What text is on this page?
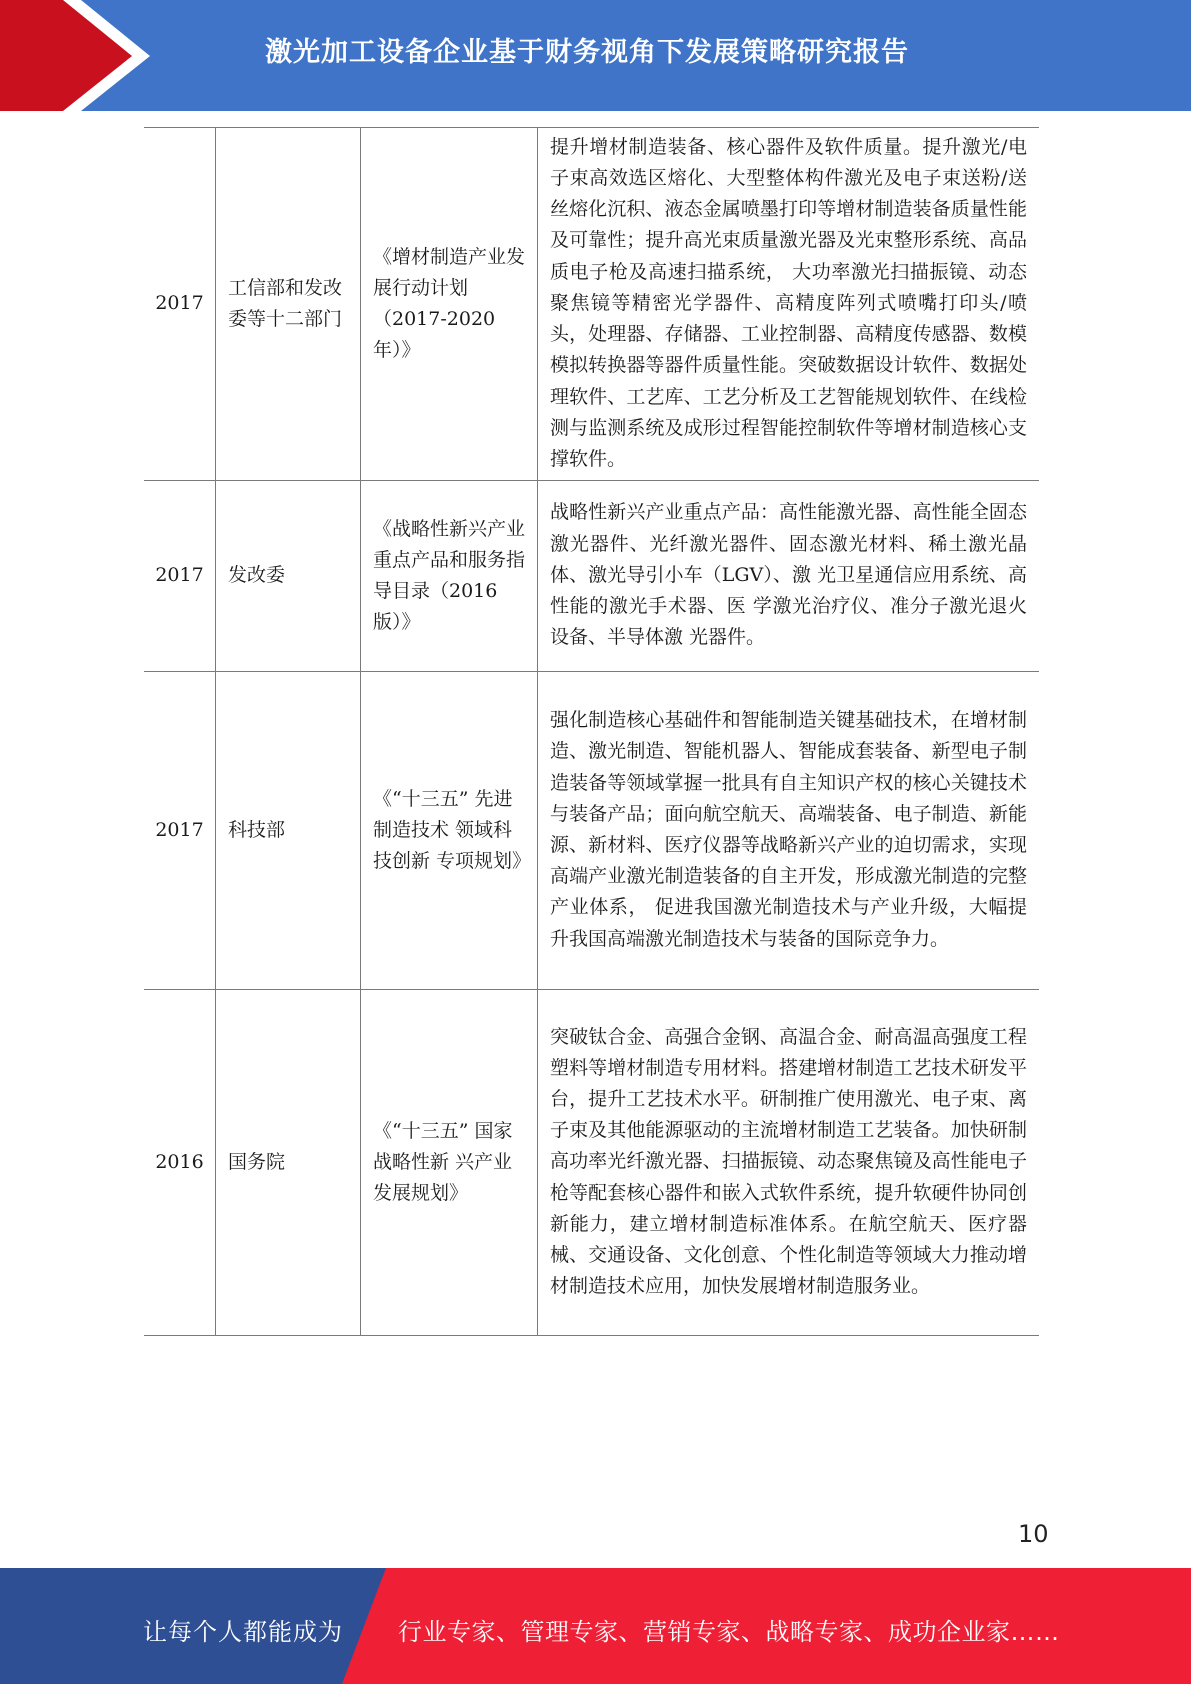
激光加工设备企业基于财务视角下发展策略研究报告
2017	工信部和发改委等十二部门	《增材制造产业发展行动计划（2017-2020 年）》	提升增材制造装备、核心器件及软件质量。提升激光/电子束高效选区熔化、大型整体构件激光及电子束送粉/送丝熔化沉积、液态金属喷墨打印等增材制造装备质量性能及可靠性；提升高光束质量激光器及光束整形系统、高品质电子枪及高速扫描系统， 大功率激光扫描振镜、动态聚焦镜等精密光学器件、高精度阵列式喷嘴打印头/喷头，处理器、存储器、工业控制器、高精度传感器、数模模拟转换器等器件质量性能。突破数据设计软件、数据处理软件、工艺库、工艺分析及工艺智能规划软件、在线检测与监测系统及成形过程智能控制软件等增材制造核心支撑软件。
2017	发改委	《战略性新兴产业重点产品和服务指导目录（2016 版）》	战略性新兴产业重点产品：高性能激光器、高性能全固态激光器件、光纤激光器件、固态激光材料、稀土激光晶体、激光导引小车（LGV）、激 光卫星通信应用系统、高性能的激光手术器、医 学激光治疗仪、准分子激光退火设备、半导体激 光器件。
2017	科技部	《“十三五” 先进制造技术 领域科技创新 专项规划》	强化制造核心基础件和智能制造关键基础技术，在增材制造、激光制造、智能机器人、智能成套装备、新型电子制造装备等领域掌握一批具有自主知识产权的核心关键技术与装备产品；面向航空航天、高端装备、电子制造、新能源、新材料、医疗仪器等战略新兴产业的迫切需求，实现高端产业激光制造装备的自主开发，形成激光制造的完整产业体系， 促进我国激光制造技术与产业升级，大幅提升我国高端激光制造技术与装备的国际竞争力。
2016	国务院	《“十三五” 国家战略性新 兴产业发展规划》	突破钛合金、高强合金钢、高温合金、耐高温高强度工程塑料等增材制造专用材料。搭建增材制造工艺技术研发平台，提升工艺技术水平。研制推广使用激光、电子束、离子束及其他能源驱动的主流增材制造工艺装备。加快研制高功率光纤激光器、扫描振镜、动态聚焦镜及高性能电子枪等配套核心器件和嵌入式软件系统，提升软硬件协同创新能力，建立增材制造标准体系。在航空航天、医疗器械、交通设备、文化创意、个性化制造等领域大力推动增材制造技术应用，加快发展增材制造服务业。
10
让每个人都能成为 行业专家、管理专家、营销专家、战略专家、成功企业家……
